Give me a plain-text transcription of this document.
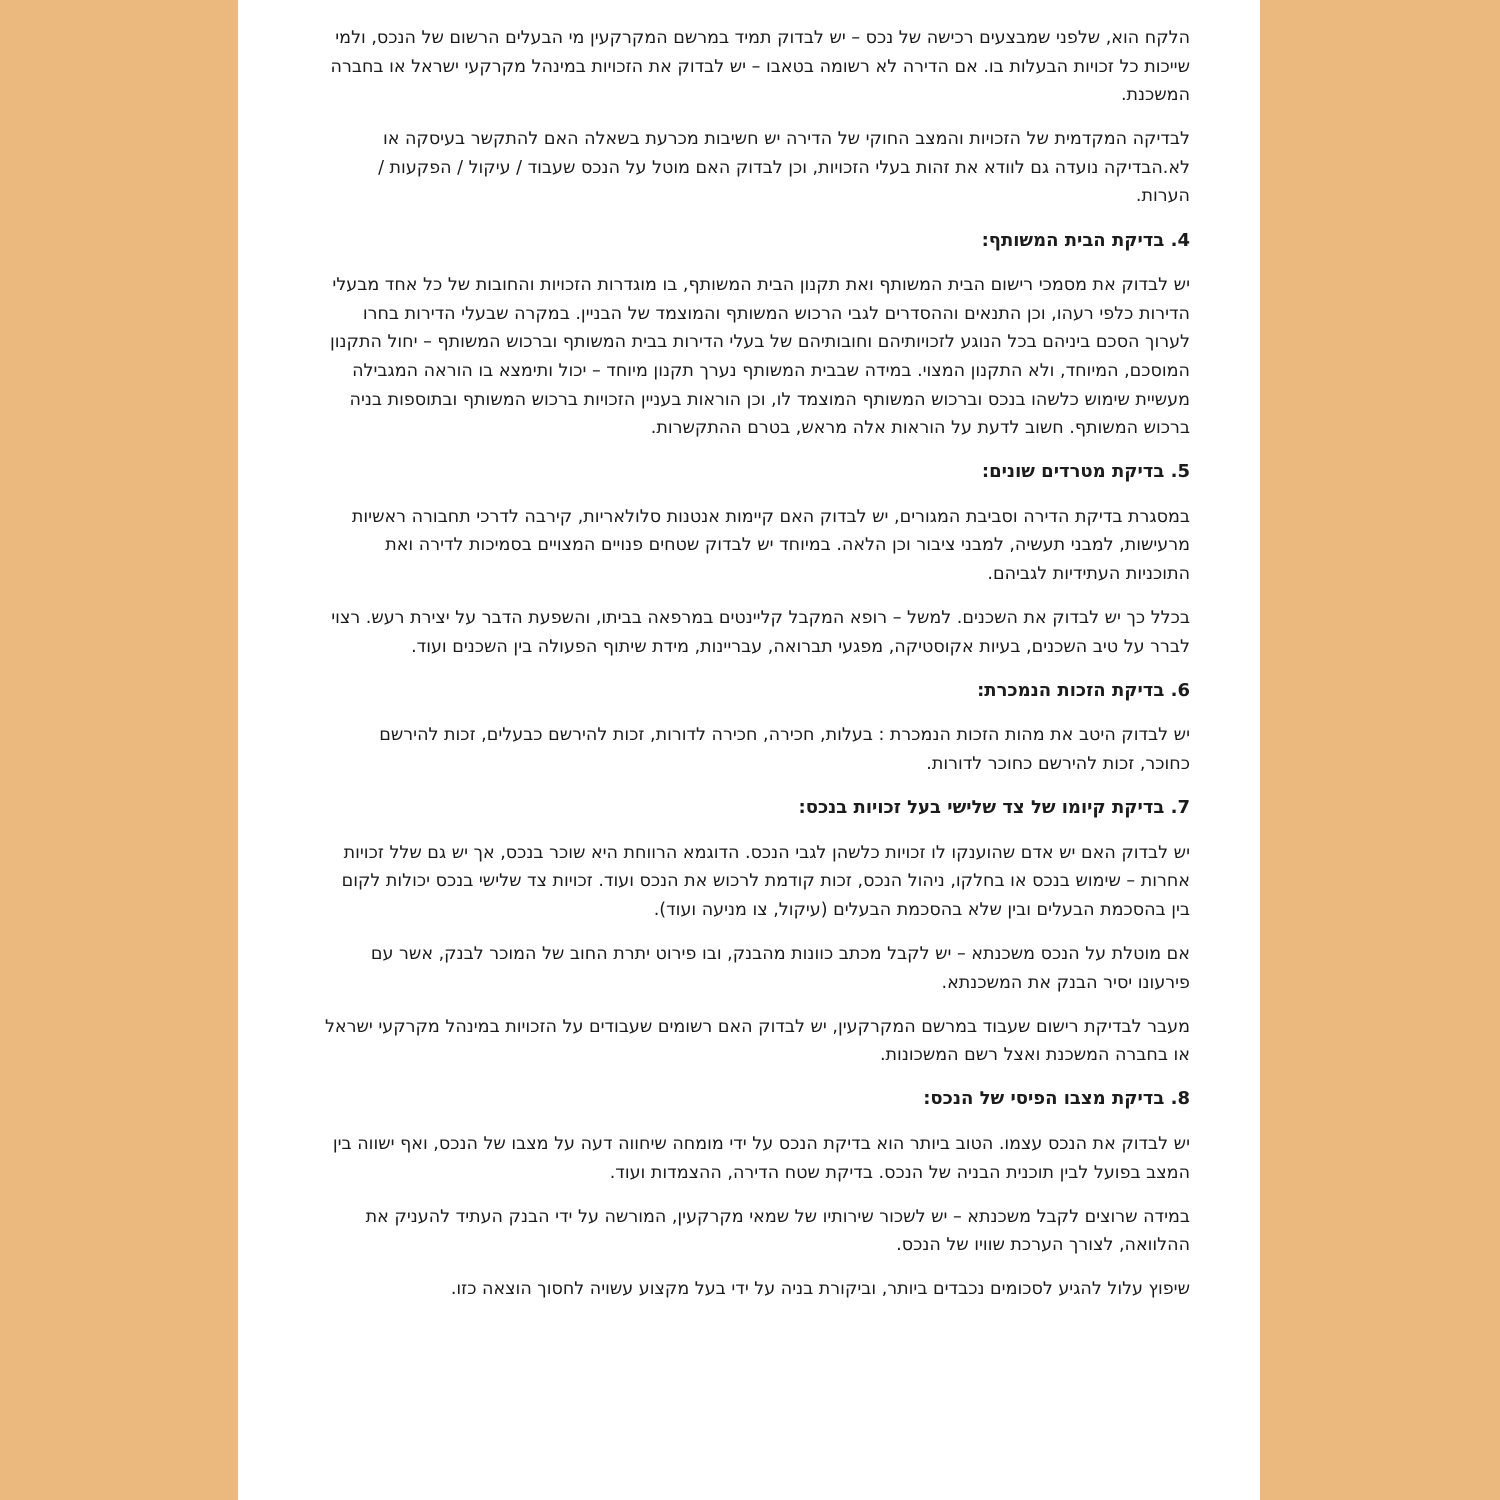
הלקח הוא, שלפני שמבצעים רכישה של נכס – יש לבדוק תמיד במרשם המקרקעין מי הבעלים הרשום של הנכס, ולמי שייכות כל זכויות הבעלות בו. אם הדירה לא רשומה בטאבו – יש לבדוק את הזכויות במינהל מקרקעי ישראל או בחברה המשכנת.

לבדיקה המקדמית של הזכויות והמצב החוקי של הדירה יש חשיבות מכרעת בשאלה האם להתקשר בעיסקה או לא.הבדיקה נועדה גם לוודא את זהות בעלי הזכויות, וכן לבדוק האם מוטל על הנכס שעבוד / עיקול / הפקעות / הערות.

4. בדיקת הבית המשותף:

יש לבדוק את מסמכי רישום הבית המשותף ואת תקנון הבית המשותף, בו מוגדרות הזכויות והחובות של כל אחד מבעלי הדירות כלפי רעהו, וכן התנאים וההסדרים לגבי הרכוש המשותף והמוצמד של הבניין. במקרה שבעלי הדירות בחרו לערוך הסכם ביניהם בכל הנוגע לזכויותיהם וחובותיהם של בעלי הדירות בבית המשותף וברכוש המשותף – יחול התקנון המוסכם, המיוחד, ולא התקנון המצוי. במידה שבבית המשותף נערך תקנון מיוחד – יכול ותימצא בו הוראה המגבילה מעשיית שימוש כלשהו בנכס וברכוש המשותף המוצמד לו, וכן הוראות בעניין הזכויות ברכוש המשותף ובתוספות בניה ברכוש המשותף. חשוב לדעת על הוראות אלה מראש, בטרם ההתקשרות.

5. בדיקת מטרדים שונים:

במסגרת בדיקת הדירה וסביבת המגורים, יש לבדוק האם קיימות אנטנות סלולאריות, קירבה לדרכי תחבורה ראשיות מרעישות, למבני תעשיה, למבני ציבור וכן הלאה. במיוחד יש לבדוק שטחים פנויים המצויים בסמיכות לדירה ואת התוכניות העתידיות לגביהם.

בכלל כך יש לבדוק את השכנים. למשל – רופא המקבל קליינטים במרפאה בביתו, והשפעת הדבר על יצירת רעש. רצוי לברר על טיב השכנים, בעיות אקוסטיקה, מפגעי תברואה, עבריינות, מידת שיתוף הפעולה בין השכנים ועוד.

6. בדיקת הזכות הנמכרת:

יש לבדוק היטב את מהות הזכות הנמכרת : בעלות, חכירה, חכירה לדורות, זכות להירשם כבעלים, זכות להירשם כחוכר, זכות להירשם כחוכר לדורות.

7. בדיקת קיומו של צד שלישי בעל זכויות בנכס:

יש לבדוק האם יש אדם שהוענקו לו זכויות כלשהן לגבי הנכס. הדוגמא הרווחת היא שוכר בנכס, אך יש גם שלל זכויות אחרות – שימוש בנכס או בחלקו, ניהול הנכס, זכות קודמת לרכוש את הנכס ועוד. זכויות צד שלישי בנכס יכולות לקום בין בהסכמת הבעלים ובין שלא בהסכמת הבעלים (עיקול, צו מניעה ועוד).

אם מוטלת על הנכס משכנתא – יש לקבל מכתב כוונות מהבנק, ובו פירוט יתרת החוב של המוכר לבנק, אשר עם פירעונו יסיר הבנק את המשכנתא.

מעבר לבדיקת רישום שעבוד במרשם המקרקעין, יש לבדוק האם רשומים שעבודים על הזכויות במינהל מקרקעי ישראל או בחברה המשכנת ואצל רשם המשכונות.

8. בדיקת מצבו הפיסי של הנכס:

יש לבדוק את הנכס עצמו. הטוב ביותר הוא בדיקת הנכס על ידי מומחה שיחווה דעה על מצבו של הנכס, ואף ישווה בין המצב בפועל לבין תוכנית הבניה של הנכס. בדיקת שטח הדירה, ההצמדות ועוד.

במידה שרוצים לקבל משכנתא – יש לשכור שירותיו של שמאי מקרקעין, המורשה על ידי הבנק העתיד להעניק את ההלוואה, לצורך הערכת שוויו של הנכס.

שיפוץ עלול להגיע לסכומים נכבדים ביותר, וביקורת בניה על ידי בעל מקצוע עשויה לחסוך הוצאה כזו.
